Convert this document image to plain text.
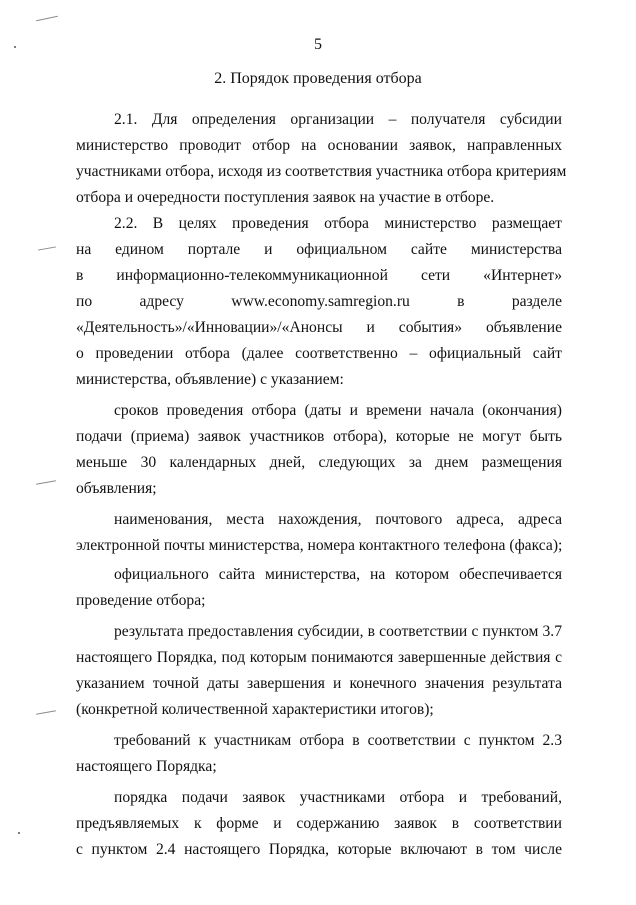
5
2. Порядок проведения отбора
2.1. Для определения организации – получателя субсидии
министерство проводит отбор на основании заявок, направленных
участниками отбора, исходя из соответствия участника отбора критериям
отбора и очередности поступления заявок на участие в отборе.
2.2. В целях проведения отбора министерство размещает
на едином портале и официальном сайте министерства
в информационно-телекоммуникационной сети «Интернет»
по адресу www.economy.samregion.ru в разделе
«Деятельность»/«Инновации»/«Анонсы и события» объявление
о проведении отбора (далее соответственно – официальный сайт
министерства, объявление) с указанием:
сроков проведения отбора (даты и времени начала (окончания)
подачи (приема) заявок участников отбора), которые не могут быть
меньше 30 календарных дней, следующих за днем размещения
объявления;
наименования, места нахождения, почтового адреса, адреса
электронной почты министерства, номера контактного телефона (факса);
официального сайта министерства, на котором обеспечивается
проведение отбора;
результата предоставления субсидии, в соответствии с пунктом 3.7
настоящего Порядка, под которым понимаются завершенные действия с
указанием точной даты завершения и конечного значения результата
(конкретной количественной характеристики итогов);
требований к участникам отбора в соответствии с пунктом 2.3
настоящего Порядка;
порядка подачи заявок участниками отбора и требований,
предъявляемых к форме и содержанию заявок в соответствии
с пунктом 2.4 настоящего Порядка, которые включают в том числе
